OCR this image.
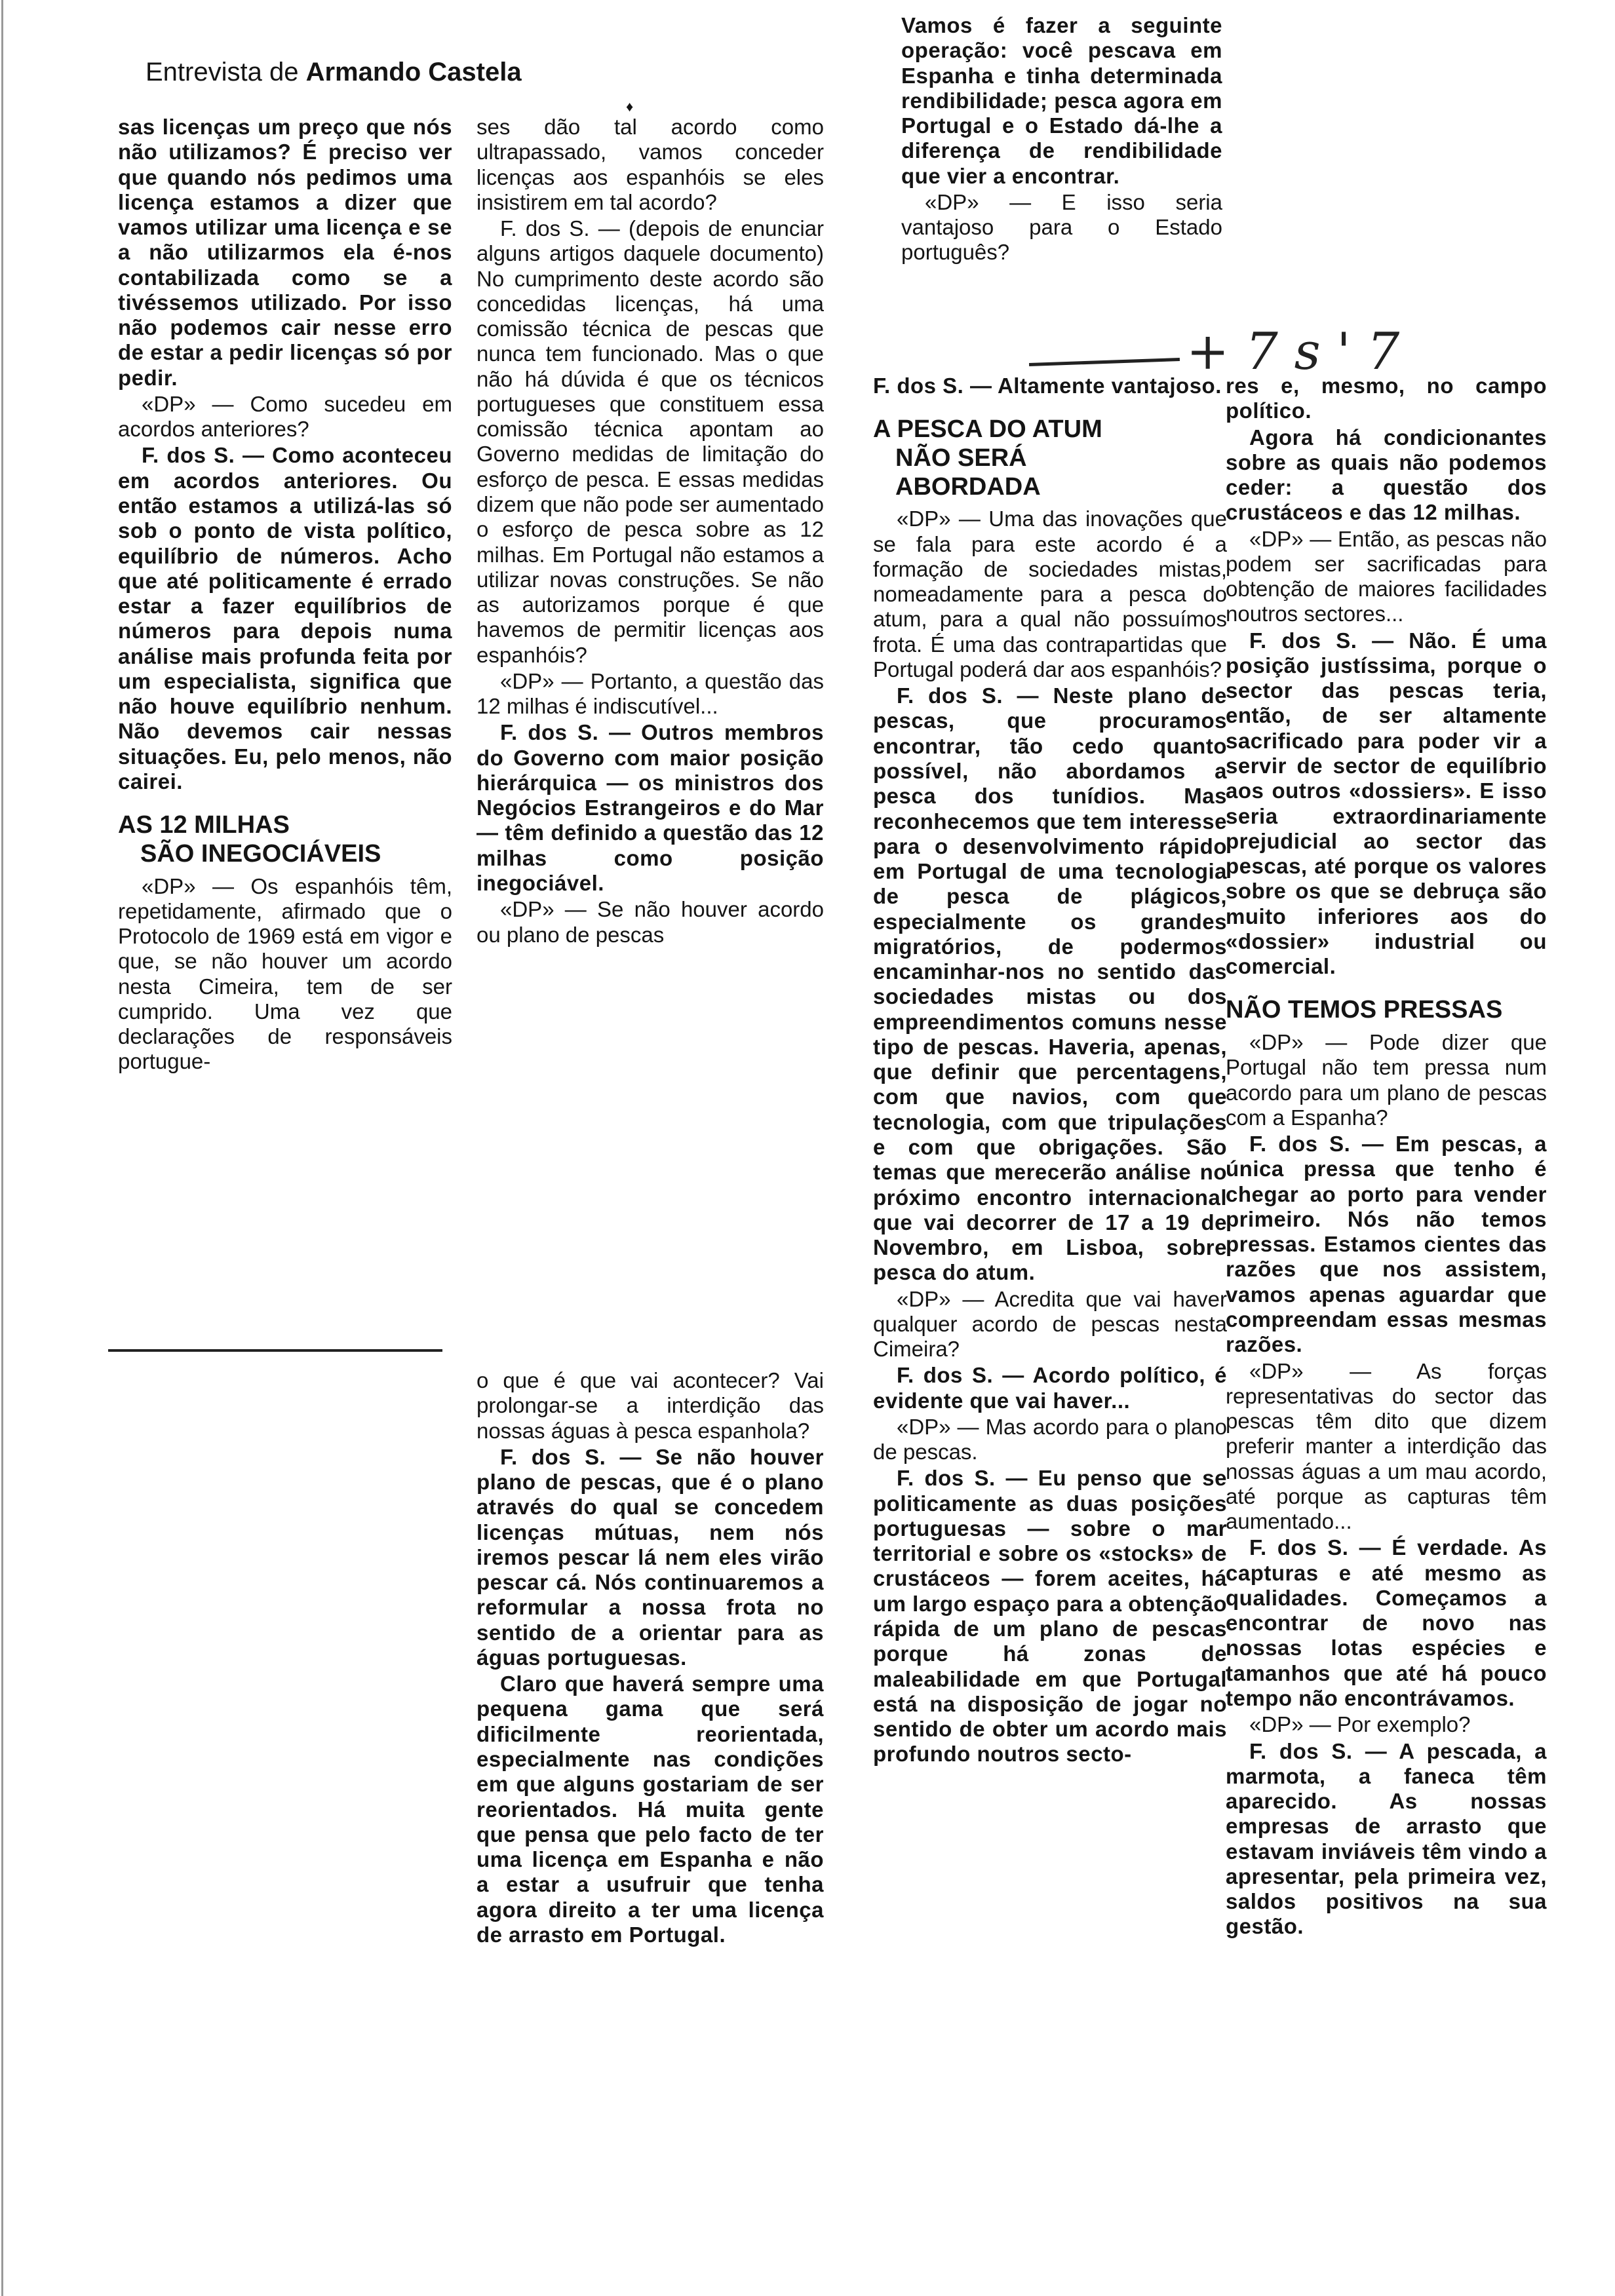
Entrevista de Armando Castela
♦
+ 7 s ' 7

sas licenças um preço que nós não utilizamos? É preciso ver que quando nós pedimos uma licença estamos a dizer que vamos utilizar uma licença e se a não utilizarmos ela é-nos contabilizada como se a tivéssemos utilizado. Por isso não podemos cair nesse erro de estar a pedir licenças só por pedir.

«DP» — Como sucedeu em acordos anteriores?

F. dos S. — Como aconteceu em acordos anteriores. Ou então estamos a utilizá-las só sob o ponto de vista político, equilíbrio de números. Acho que até politicamente é errado estar a fazer equilíbrios de números para depois numa análise mais profunda feita por um especialista, significa que não houve equilíbrio nenhum. Não devemos cair nessas situações. Eu, pelo menos, não cairei.

AS 12 MILHAS
SÃO INEGOCIÁVEIS

«DP» — Os espanhóis têm, repetidamente, afirmado que o Protocolo de 1969 está em vigor e que, se não houver um acordo nesta Cimeira, tem de ser cumprido. Uma vez que declarações de responsáveis portugue-

ses dão tal acordo como ultrapassado, vamos conceder licenças aos espanhóis se eles insistirem em tal acordo?

F. dos S. — (depois de enunciar alguns artigos daquele documento) No cumprimento deste acordo são concedidas licenças, há uma comissão técnica de pescas que nunca tem funcionado. Mas o que não há dúvida é que os técnicos portugueses que constituem essa comissão técnica apontam ao Governo medidas de limitação do esforço de pesca. E essas medidas dizem que não pode ser aumentado o esforço de pesca sobre as 12 milhas. Em Portugal não estamos a utilizar novas construções. Se não as autorizamos porque é que havemos de permitir licenças aos espanhóis?

«DP» — Portanto, a questão das 12 milhas é indiscutível...

F. dos S. — Outros membros do Governo com maior posição hierárquica — os ministros dos Negócios Estrangeiros e do Mar — têm definido a questão das 12 milhas como posição inegociável.

«DP» — Se não houver acordo ou plano de pescas

o que é que vai acontecer? Vai prolongar-se a interdição das nossas águas à pesca espanhola?

F. dos S. — Se não houver plano de pescas, que é o plano através do qual se concedem licenças mútuas, nem nós iremos pescar lá nem eles virão pescar cá. Nós continuaremos a reformular a nossa frota no sentido de a orientar para as águas portuguesas.

Claro que haverá sempre uma pequena gama que será dificilmente reorientada, especialmente nas condições em que alguns gostariam de ser reorientados. Há muita gente que pensa que pelo facto de ter uma licença em Espanha e não a estar a usufruir que tenha agora direito a ter uma licença de arrasto em Portugal.

Vamos é fazer a seguinte operação: você pescava em Espanha e tinha determinada rendibilidade; pesca agora em Portugal e o Estado dá-lhe a diferença de rendibilidade que vier a encontrar.

«DP» — E isso seria vantajoso para o Estado português?

F. dos S. — Altamente vantajoso.

A PESCA DO ATUM
NÃO SERÁ
ABORDADA

«DP» — Uma das inovações que se fala para este acordo é a formação de sociedades mistas, nomeadamente para a pesca do atum, para a qual não possuímos frota. É uma das contrapartidas que Portugal poderá dar aos espanhóis?

F. dos S. — Neste plano de pescas, que procuramos encontrar, tão cedo quanto possível, não abordamos a pesca dos tunídios. Mas reconhecemos que tem interesse para o desenvolvimento rápido em Portugal de uma tecnologia de pesca de plágicos, especialmente os grandes migratórios, de podermos encaminhar-nos no sentido das sociedades mistas ou dos empreendimentos comuns nesse tipo de pescas. Haveria, apenas, que definir que percentagens, com que navios, com que tecnologia, com que tripulações e com que obrigações. São temas que merecerão análise no próximo encontro internacional que vai decorrer de 17 a 19 de Novembro, em Lisboa, sobre pesca do atum.

«DP» — Acredita que vai haver qualquer acordo de pescas nesta Cimeira?

F. dos S. — Acordo político, é evidente que vai haver...

«DP» — Mas acordo para o plano de pescas.

F. dos S. — Eu penso que se politicamente as duas posições portuguesas — sobre o mar territorial e sobre os «stocks» de crustáceos — forem aceites, há um largo espaço para a obtenção rápida de um plano de pescas porque há zonas de maleabilidade em que Portugal está na disposição de jogar no sentido de obter um acordo mais profundo noutros secto-

res e, mesmo, no campo político.

Agora há condicionantes sobre as quais não podemos ceder: a questão dos crustáceos e das 12 milhas.

«DP» — Então, as pescas não podem ser sacrificadas para obtenção de maiores facilidades noutros sectores...

F. dos S. — Não. É uma posição justíssima, porque o sector das pescas teria, então, de ser altamente sacrificado para poder vir a servir de sector de equilíbrio aos outros «dossiers». E isso seria extraordinariamente prejudicial ao sector das pescas, até porque os valores sobre os que se debruça são muito inferiores aos do «dossier» industrial ou comercial.

NÃO TEMOS PRESSAS

«DP» — Pode dizer que Portugal não tem pressa num acordo para um plano de pescas com a Espanha?

F. dos S. — Em pescas, a única pressa que tenho é chegar ao porto para vender primeiro. Nós não temos pressas. Estamos cientes das razões que nos assistem, vamos apenas aguardar que compreendam essas mesmas razões.

«DP» — As forças representativas do sector das pescas têm dito que dizem preferir manter a interdição das nossas águas a um mau acordo, até porque as capturas têm aumentado...

F. dos S. — É verdade. As capturas e até mesmo as qualidades. Começamos a encontrar de novo nas nossas lotas espécies e tamanhos que até há pouco tempo não encontrávamos.

«DP» — Por exemplo?

F. dos S. — A pescada, a marmota, a faneca têm aparecido. As nossas empresas de arrasto que estavam inviáveis têm vindo a apresentar, pela primeira vez, saldos positivos na sua gestão.
